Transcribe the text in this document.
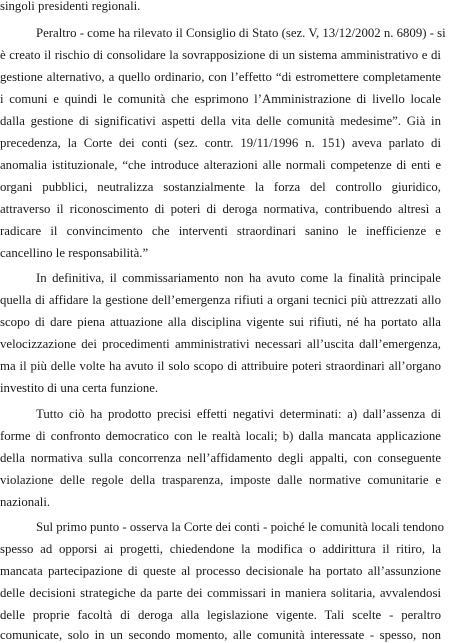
singoli presidenti regionali.
Peraltro - come ha rilevato il Consiglio di Stato (sez. V, 13/12/2002 n. 6809) - si
è creato il rischio di consolidare la sovrapposizione di un sistema amministrativo e di
gestione alternativo, a quello ordinario, con l’effetto “di estromettere completamente
i comuni e quindi le comunità che esprimono l’Amministrazione di livello locale
dalla gestione di significativi aspetti della vita delle comunità medesime”. Già in
precedenza, la Corte dei conti (sez. contr. 19/11/1996 n. 151) aveva parlato di
anomalia istituzionale, “che introduce alterazioni alle normali competenze di enti e
organi pubblici, neutralizza sostanzialmente la forza del controllo giuridico,
attraverso il riconoscimento di poteri di deroga normativa, contribuendo altresì a
radicare il convincimento che interventi straordinari sanino le inefficienze e
cancellino le responsabilità.”
In definitiva, il commissariamento non ha avuto come la finalità principale
quella di affidare la gestione dell’emergenza rifiuti a organi tecnici più attrezzati allo
scopo di dare piena attuazione alla disciplina vigente sui rifiuti, né ha portato alla
velocizzazione dei procedimenti amministrativi necessari all’uscita dall’emergenza,
ma il più delle volte ha avuto il solo scopo di attribuire poteri straordinari all’organo
investito di una certa funzione.
Tutto ciò ha prodotto precisi effetti negativi determinati: a) dall’assenza di
forme di confronto democratico con le realtà locali; b) dalla mancata applicazione
della normativa sulla concorrenza nell’affidamento degli appalti, con conseguente
violazione delle regole della trasparenza, imposte dalle normative comunitarie e
nazionali.
Sul primo punto - osserva la Corte dei conti - poiché le comunità locali tendono
spesso ad opporsi ai progetti, chiedendone la modifica o addirittura il ritiro, la
mancata partecipazione di queste al processo decisionale ha portato all’assunzione
delle decisioni strategiche da parte dei commissari in maniera solitaria, avvalendosi
delle proprie facoltà di deroga alla legislazione vigente. Tali scelte - peraltro
comunicate, solo in un secondo momento, alle comunità interessate - spesso, non
